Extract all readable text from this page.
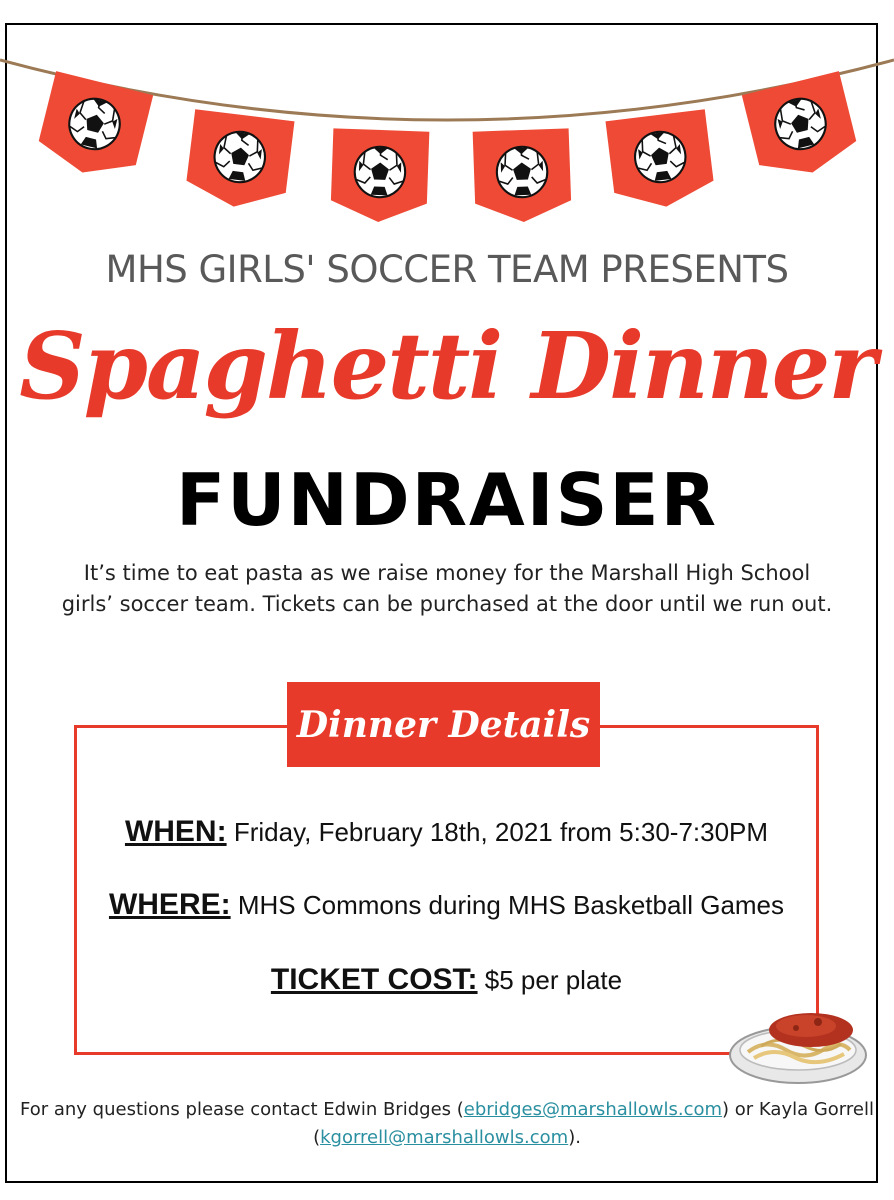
MHS GIRLS' SOCCER TEAM PRESENTS
Spaghetti Dinner
FUNDRAISER
It’s time to eat pasta as we raise money for the Marshall High School girls’ soccer team. Tickets can be purchased at the door until we run out.
Dinner Details
WHEN: Friday, February 18th, 2021 from 5:30-7:30PM
WHERE: MHS Commons during MHS Basketball Games
TICKET COST: $5 per plate
For any questions please contact Edwin Bridges (ebridges@marshallowls.com) or Kayla Gorrell (kgorrell@marshallowls.com).
